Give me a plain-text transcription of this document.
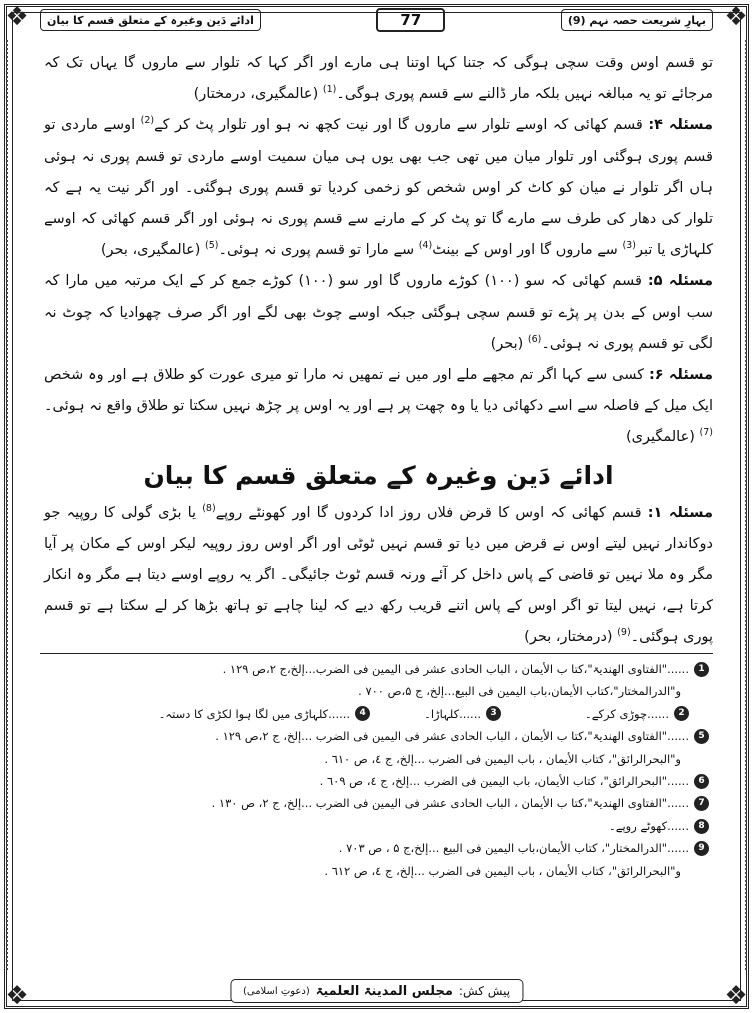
❖	❖
❖	❖
بہارِ شریعت حصہ نہم

(9)
77
ادائے دَین وغیرہ کے متعلق قسم کا بیان

تو قسم اوس وقت سچی ہوگی کہ جتنا کہا اوتنا ہی مارے اور اگر کہا کہ تلوار سے ماروں گا یہاں تک کہ مرجائے تو یہ مبالغہ نہیں بلکہ مار ڈالنے سے قسم پوری ہوگی۔$^{(1)}$ (عالمگیری، درمختار)

مسئلہ ۴: قسم کھائی کہ اوسے تلوار سے ماروں گا اور نیت کچھ نہ ہو اور تلوار پٹ کر کے$^{(2)}$ اوسے ماردی تو قسم پوری ہوگئی اور تلوار میان میں تھی جب بھی یوں ہی میان سمیت اوسے ماردی تو قسم پوری نہ ہوئی ہاں اگر تلوار نے میان کو کاٹ کر اوس شخص کو زخمی کردیا تو قسم پوری ہوگئی۔ اور اگر نیت یہ ہے کہ تلوار کی دھار کی طرف سے مارے گا تو پٹ کر کے مارنے سے قسم پوری نہ ہوئی اور اگر قسم کھائی کہ اوسے کلہاڑی یا تبر$^{(3)}$ سے ماروں گا اور اوس کے بینٹ$^{(4)}$ سے مارا تو قسم پوری نہ ہوئی۔$^{(5)}$ (عالمگیری، بحر)

مسئلہ ۵: قسم کھائی کہ سو (۱۰۰) کوڑے ماروں گا اور سو (۱۰۰) کوڑے جمع کر کے ایک مرتبہ میں مارا کہ سب اوس کے بدن پر پڑے تو قسم سچی ہوگئی جبکہ اوسے چوٹ بھی لگے اور اگر صرف چھوادیا کہ چوٹ نہ لگی تو قسم پوری نہ ہوئی۔$^{(6)}$ (بحر)

مسئلہ ۶: کسی سے کہا اگر تم مجھے ملے اور میں نے تمھیں نہ مارا تو میری عورت کو طلاق ہے اور وہ شخص ایک میل کے فاصلہ سے اسے دکھائی دیا یا وہ چھت پر ہے اور یہ اوس پر چڑھ نہیں سکتا تو طلاق واقع نہ ہوئی۔$^{(7)}$ (عالمگیری)

ادائے دَین وغیرہ کے متعلق قسم کا بیان

مسئلہ ۱: قسم کھائی کہ اوس کا قرض فلاں روز ادا کردوں گا اور کھونٹے روپے$^{(8)}$ یا بڑی گولی کا روپیہ جو دوکاندار نہیں لیتے اوس نے قرض میں دیا تو قسم نہیں ٹوٹی اور اگر اوس روز روپیہ لیکر اوس کے مکان پر آیا مگر وہ ملا نہیں تو قاضی کے پاس داخل کر آئے ورنہ قسم ٹوٹ جائیگی۔ اگر یہ روپے اوسے دیتا ہے مگر وہ انکار کرتا ہے، نہیں لیتا تو اگر اوس کے پاس اتنے قریب رکھ دیے کہ لینا چاہے تو ہاتھ بڑھا کر لے سکتا ہے تو قسم پوری ہوگئی۔$^{(9)}$ (درمختار، بحر)

1
......"الفتاوی الھندیۃ"،کتا ب الأیمان ، الباب الحادی عشر فی الیمین فی الضرب...إلخ،ج ۲،ص ۱۲۹ .
و"الدرالمختار"،کتاب الأیمان،باب الیمین فی البیع...إلخ، ج ۵،ص ۷۰۰ .
2
......چوڑی کرکے۔
3
......کلہاڑا۔
4
......کلہاڑی میں لگا ہوا لکڑی کا دستہ۔
5
......"الفتاوی الھندیۃ"،کتا ب الأیمان ، الباب الحادی عشر فی الیمین فی الضرب ...إلخ، ج ۲،ص ۱۲۹ .
و"البحرالرائق"، کتاب الأیمان ، باب الیمین فی الضرب ...إلخ، ج ٤، ص ٦۱۰ .
6
......"البحرالرائق"، کتاب الأیمان، باب الیمین فی الضرب ...إلخ، ج ٤، ص ٦۰۹ .
7
......"الفتاوی الھندیۃ"،کتا ب الأیمان ، الباب الحادی عشر فی الیمین فی الضرب ...إلخ، ج ۲، ص ۱۳۰ .
8
......کھوٹے روپے۔
9
......"الدرالمختار"، کتاب الأیمان،باب الیمین فی البیع ...إلخ،ج ۵ ، ص ۷۰۳ .
و"البحرالرائق"، کتاب الأیمان ، باب الیمین فی الضرب ...إلخ، ج ٤، ص ٦۱۲ .
پیش کش:
مجلس المدینۃ العلمیۃ
(دعوتِ اسلامی)
